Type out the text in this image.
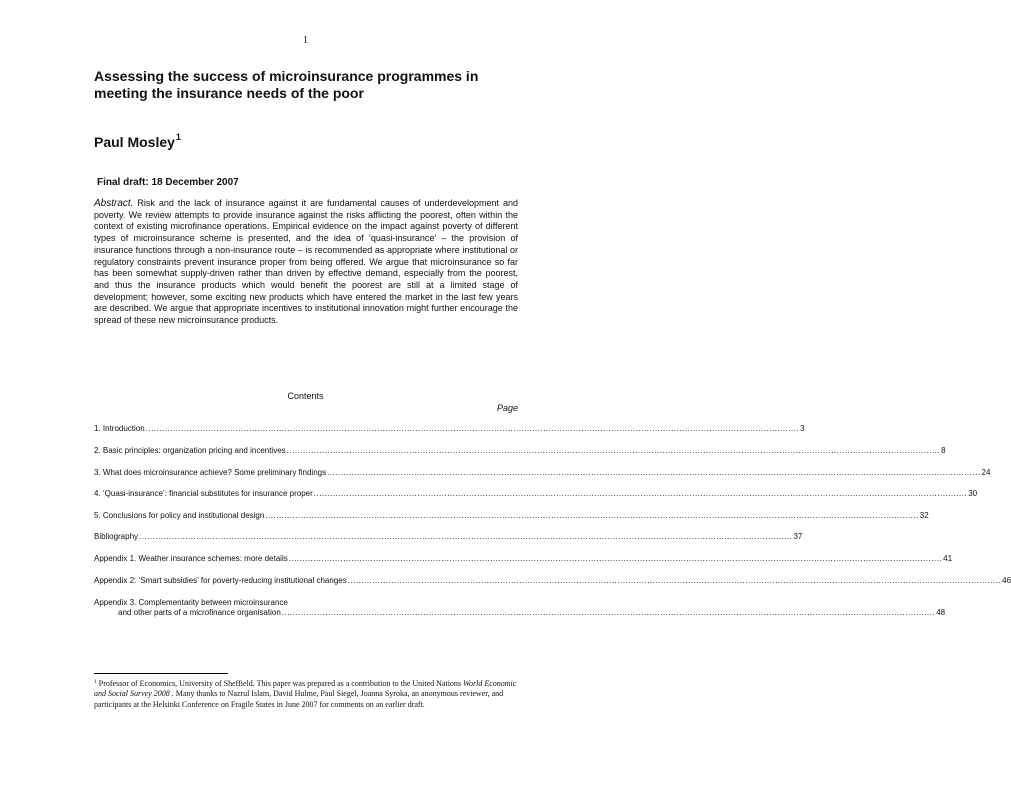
1
Assessing the success of microinsurance programmes in meeting the insurance needs of the poor
Paul Mosley$^1$
Final draft: 18 December 2007
Abstract. Risk and the lack of insurance against it are fundamental causes of underdevelopment and poverty. We review attempts to provide insurance against the risks afflicting the poorest, often within the context of existing microfinance operations. Empirical evidence on the impact against poverty of different types of microinsurance scheme is presented, and the idea of ‘quasi-insurance’ – the provision of insurance functions through a non-insurance route – is recommended as appropriate where institutional or regulatory constraints prevent insurance proper from being offered. We argue that microinsurance so far has been somewhat supply-driven rather than driven by effective demand, especially from the poorest, and thus the insurance products which would benefit the poorest are still at a limited stage of development; however, some exciting new products which have entered the market in the last few years are described. We argue that appropriate incentives to institutional innovation might further encourage the spread of these new microinsurance products.
Contents
Page
1. Introduction ................................................................................................................................................................................................................................................ 3
2. Basic principles: organization pricing and incentives ................................................................................................................................................................................................................................................ 8
3. What does microinsurance achieve? Some preliminary findings ................................................................................................................................................................................................................................................ 24
4. ‘Quasi-insurance’: financial substitutes for insurance proper ................................................................................................................................................................................................................................................ 30
5. Conclusions for policy and institutional design ................................................................................................................................................................................................................................................ 32
Bibliography ................................................................................................................................................................................................................................................ 37
Appendix 1. Weather insurance schemes: more details ................................................................................................................................................................................................................................................ 41
Appendix 2: ‘Smart subsidies’ for poverty-reducing institutional changes ................................................................................................................................................................................................................................................ 46
Appendix 3. Complementarity between microinsurance
and other parts of a microfinance organisation ................................................................................................................................................................................................................................................ 48
$^1$ Professor of Economics, University of Sheffield. This paper was prepared as a contribution to the United Nations World Economic and Social Survey 2008 . Many thanks to Nazrul Islam, David Hulme, Paul Siegel, Joanna Syroka, an anonymous reviewer, and participants at the Helsinki Conference on Fragile States in June 2007 for comments on an earlier draft.
